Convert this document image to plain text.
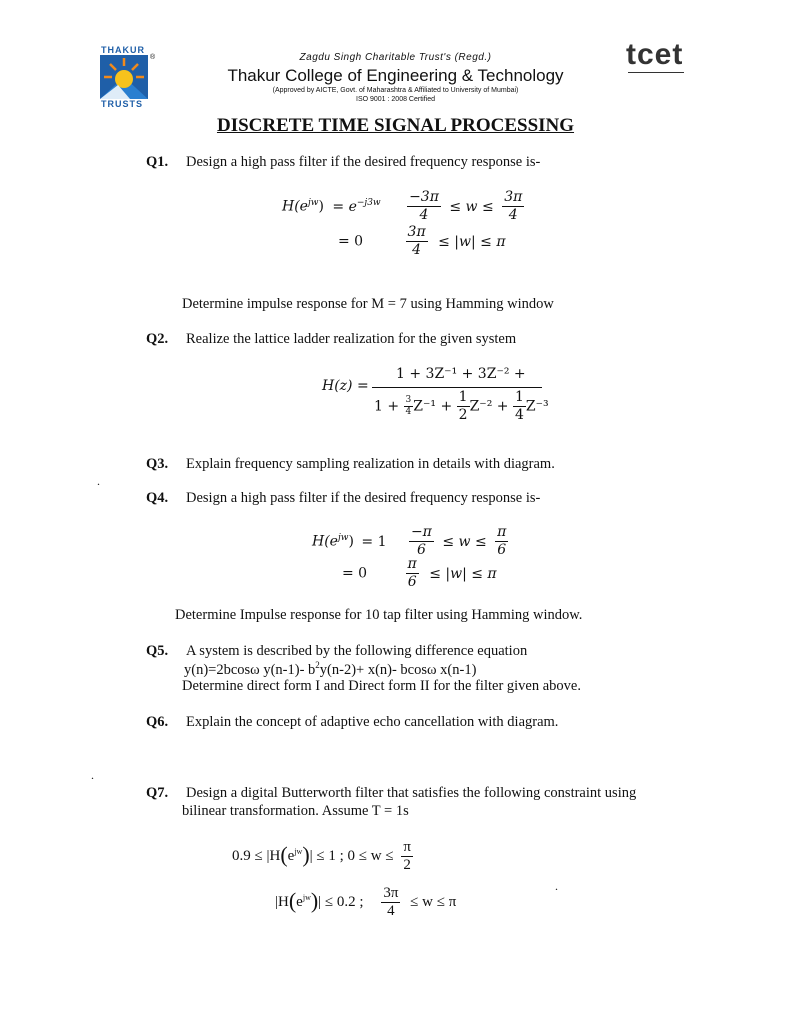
THAKUR
®
TRUSTS
Zagdu Singh Charitable Trust's (Regd.)
Thakur College of Engineering & Technology
(Approved by AICTE, Govt. of Maharashtra & Affiliated to University of Mumbai)
ISO 9001 : 2008 Certified
tcet
DISCRETE TIME SIGNAL PROCESSING
Q1. Design a high pass filter if the desired frequency response is-
$H(e^{jw}) = e^{-j3w} \frac{-3\pi}{4} \le w \le \frac{3\pi}{4}$
= 0	$\frac{3\pi}{4} \le |w| \le \pi$
Determine impulse response for M = 7 using Hamming window
Q2. Realize the lattice ladder realization for the given system
H(z) =
1 + 3Z⁻¹ + 3Z⁻² +
$1 + \frac{3}{4} Z^{-1} + \frac{1}{2} Z^{-2} + \frac{1}{4} Z^{-3}$
Q3. Explain frequency sampling realization in details with diagram.
.
Q4. Design a high pass filter if the desired frequency response is-
$H(e^{jw}) = 1 \frac{-\pi}{6} \le w \le \frac{\pi}{6}$
= 0	$\frac{\pi}{6} \le |w| \le \pi$
Determine Impulse response for 10 tap filter using Hamming window.
Q5. A system is described by the following difference equation
y(n)=2bcosω y(n-1)- $b^2y(n-2)+ x(n)-$ bcosω x(n-1)
Determine direct form I and Direct form II for the filter given above.
Q6. Explain the concept of adaptive echo cancellation with diagram.
.
Q7. Design a digital Butterworth filter that satisfies the following constraint using
bilinear transformation. Assume T = 1s
$0.9 \le |H(e^{jw})| \le 1$ ; $0 \le w \le \frac{\pi}{2}$
.
$|H(e^{jw})| \le 0.2$ ; $\frac{3\pi}{4} \le w \le \pi$
